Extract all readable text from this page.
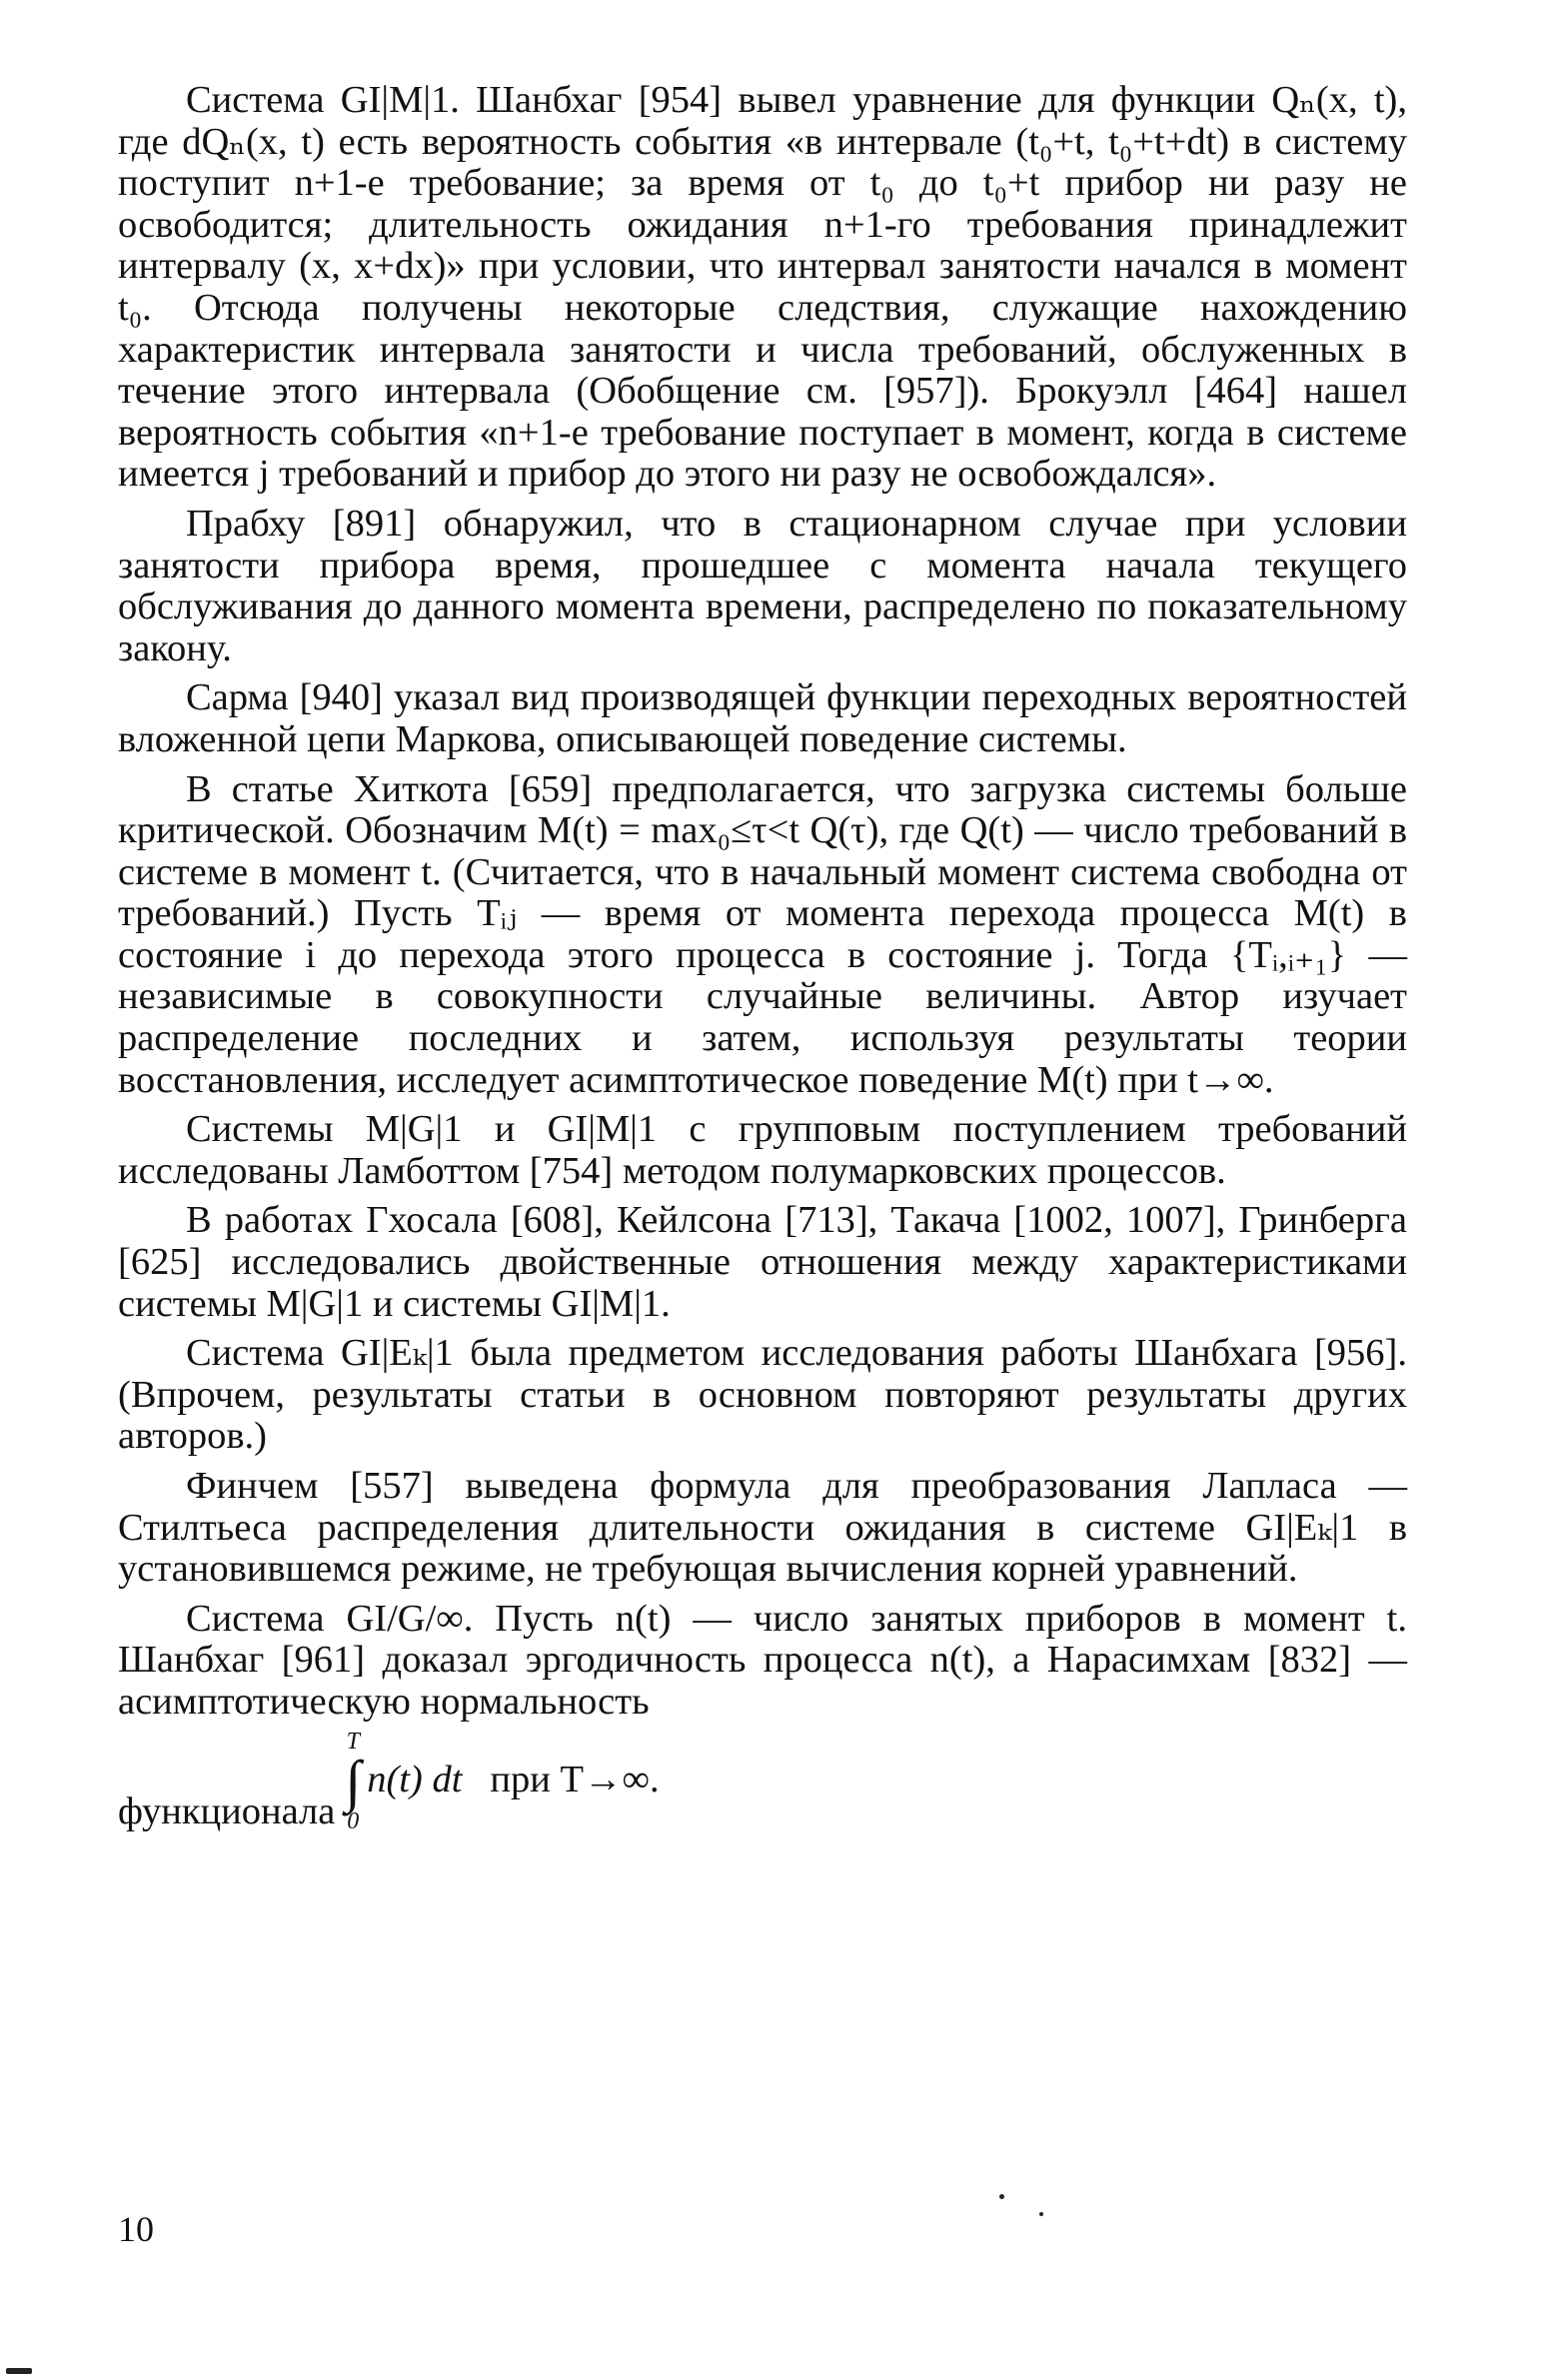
Система GI|M|1. Шанбхаг [954] вывел уравнение для функции Qₙ(x, t), где dQₙ(x, t) есть вероятность события «в интервале (t₀+t, t₀+t+dt) в систему поступит n+1-е требование; за время от t₀ до t₀+t прибор ни разу не освободится; длительность ожидания n+1-го требования принадлежит интервалу (x, x+dx)» при условии, что интервал занятости начался в момент t₀. Отсюда получены некоторые следствия, служащие нахождению характеристик интервала занятости и числа требований, обслуженных в течение этого интервала (Обобщение см. [957]). Брокуэлл [464] нашел вероятность события «n+1-е требование поступает в момент, когда в системе имеется j требований и прибор до этого ни разу не освобождался».

Прабху [891] обнаружил, что в стационарном случае при условии занятости прибора время, прошедшее с момента начала текущего обслуживания до данного момента времени, распределено по показательному закону.

Сарма [940] указал вид производящей функции переходных вероятностей вложенной цепи Маркова, описывающей поведение системы.

В статье Хиткота [659] предполагается, что загрузка системы больше критической. Обозначим M(t) = max₀≤τ<t Q(τ), где Q(t) — число требований в системе в момент t. (Считается, что в начальный момент система свободна от требований.) Пусть Tᵢⱼ — время от момента перехода процесса M(t) в состояние i до перехода этого процесса в состояние j. Тогда {Tᵢ,ᵢ₊₁} — независимые в совокупности случайные величины. Автор изучает распределение последних и затем, используя результаты теории восстановления, исследует асимптотическое поведение M(t) при t→∞.

Системы M|G|1 и GI|M|1 с групповым поступлением требований исследованы Ламботтом [754] методом полумарковских процессов.

В работах Гхосала [608], Кейлсона [713], Такача [1002, 1007], Гринберга [625] исследовались двойственные отношения между характеристиками системы M|G|1 и системы GI|M|1.

Система GI|Eₖ|1 была предметом исследования работы Шанбхага [956]. (Впрочем, результаты статьи в основном повторяют результаты других авторов.)

Финчем [557] выведена формула для преобразования Лапласа — Стилтьеса распределения длительности ожидания в системе GI|Eₖ|1 в установившемся режиме, не требующая вычисления корней уравнений.

Система GI/G/∞. Пусть n(t) — число занятых приборов в момент t. Шанбхаг [961] доказал эргодичность процесса n(t), а Нарасимхам [832] — асимптотическую нормальность

функционала
T
∫
0
n(t) dt при T→∞.
10
